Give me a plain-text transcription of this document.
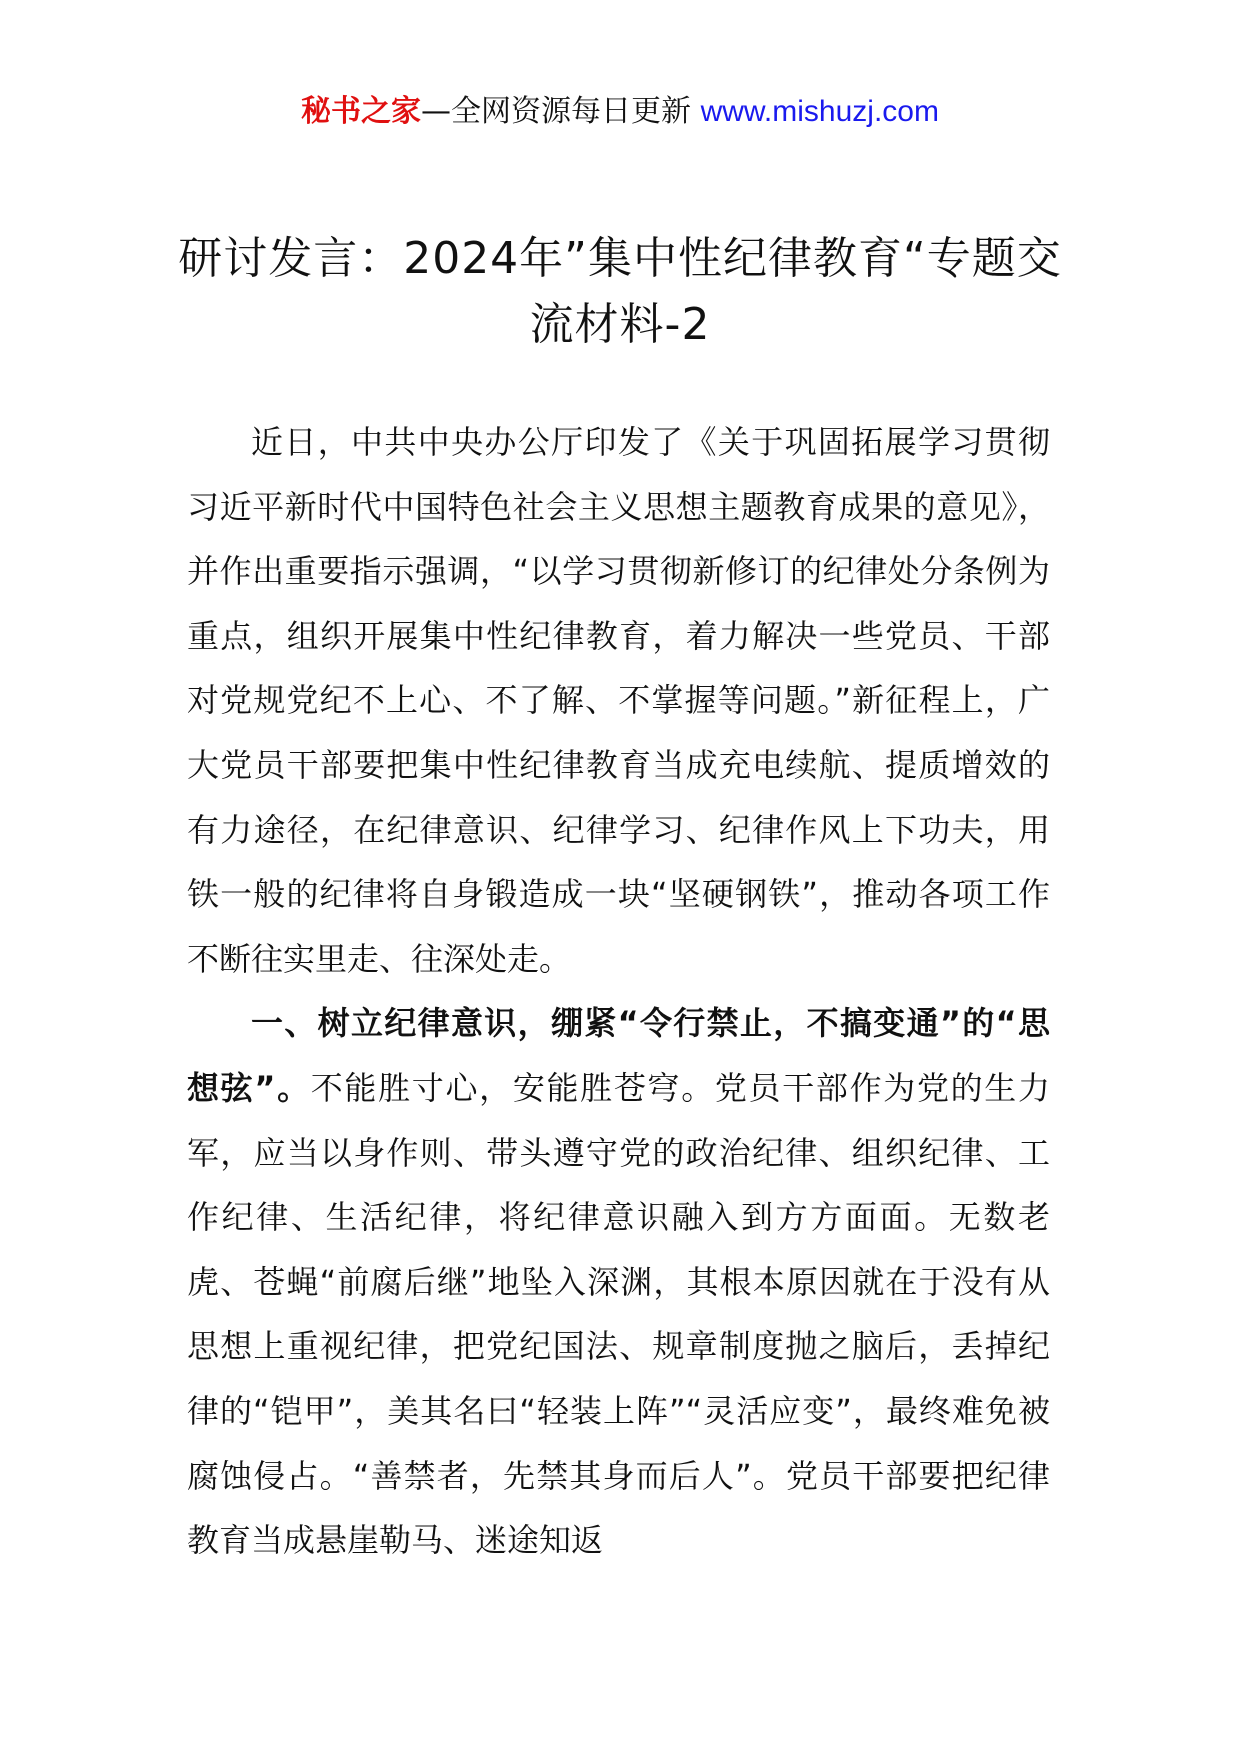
秘书之家—全网资源每日更新 www.mishuzj.com
研讨发言：2024年”集中性纪律教育“专题交流材料-2

近日，中共中央办公厅印发了《关于巩固拓展学习贯彻习近平新时代中国特色社会主义思想主题教育成果的意见》，并作出重要指示强调，“以学习贯彻新修订的纪律处分条例为重点，组织开展集中性纪律教育，着力解决一些党员、干部对党规党纪不上心、不了解、不掌握等问题。”新征程上，广大党员干部要把集中性纪律教育当成充电续航、提质增效的有力途径，在纪律意识、纪律学习、纪律作风上下功夫，用铁一般的纪律将自身锻造成一块“坚硬钢铁”，推动各项工作不断往实里走、往深处走。

一、树立纪律意识，绷紧“令行禁止，不搞变通”的“思想弦”。不能胜寸心，安能胜苍穹。党员干部作为党的生力军，应当以身作则、带头遵守党的政治纪律、组织纪律、工作纪律、生活纪律，将纪律意识融入到方方面面。无数老虎、苍蝇“前腐后继”地坠入深渊，其根本原因就在于没有从思想上重视纪律，把党纪国法、规章制度抛之脑后，丢掉纪律的“铠甲”，美其名曰“轻装上阵”“灵活应变”，最终难免被腐蚀侵占。“善禁者，先禁其身而后人”。党员干部要把纪律教育当成悬崖勒马、迷途知返
